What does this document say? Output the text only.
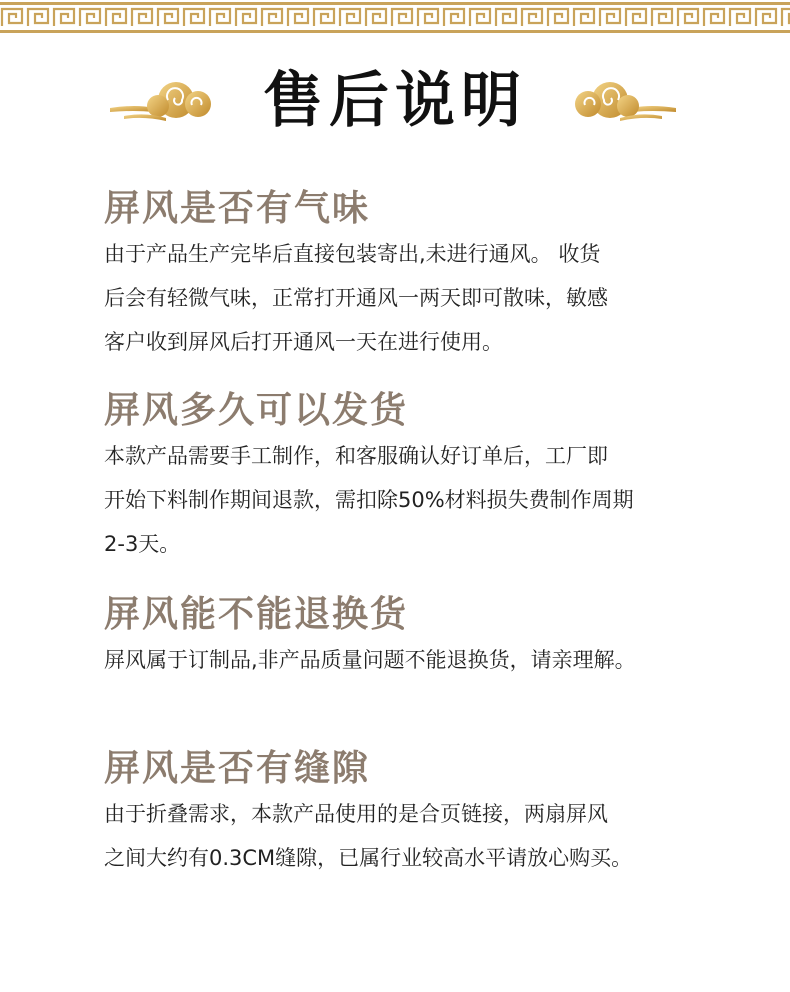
售后说明
屏风是否有气味

由于产品生产完毕后直接包装寄出,未进行通风。 收货
后会有轻微气味，正常打开通风一两天即可散味，敏感
客户收到屏风后打开通风一天在进行使用。

屏风多久可以发货

本款产品需要手工制作，和客服确认好订单后，工厂即
开始下料制作期间退款，需扣除50%材料损失费制作周期
2-3天。

屏风能不能退换货

屏风属于订制品,非产品质量问题不能退换货，请亲理解。

屏风是否有缝隙

由于折叠需求，本款产品使用的是合页链接，两扇屏风
之间大约有0.3CM缝隙，已属行业较高水平请放心购买。
